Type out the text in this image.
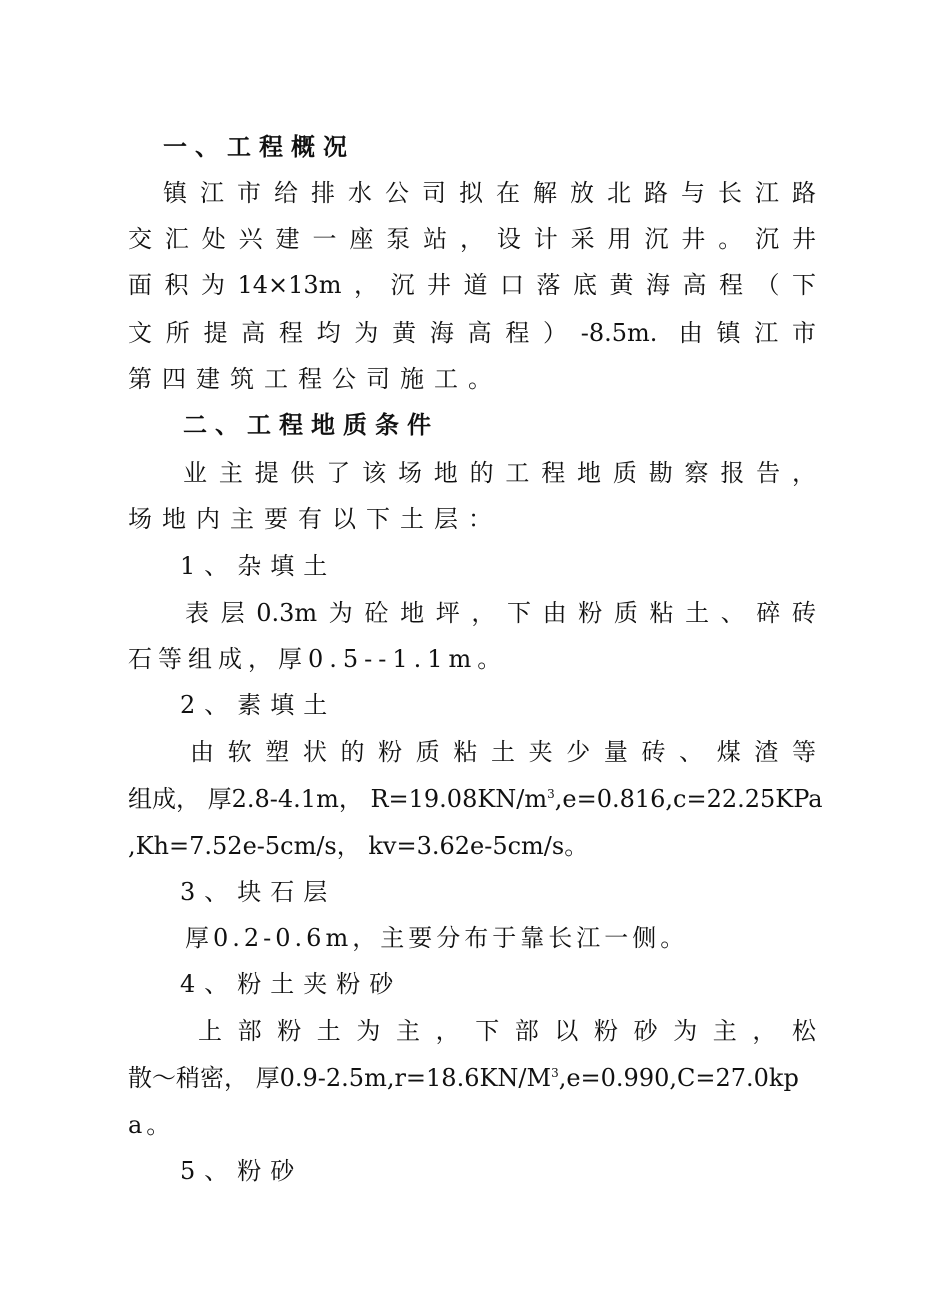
一、工程概况
镇江市给排水公司拟在解放北路与长江路
交汇处兴建一座泵站，设计采用沉井。沉井
面积为14×13m，沉井道口落底黄海高程（下
文所提高程均为黄海高程）-8.5m. 由镇江市
第四建筑工程公司施工。
二、工程地质条件
业主提供了该场地的工程地质勘察报告，
场地内主要有以下土层：
1、杂填土
表层0.3m为砼地坪，下由粉质粘土、碎砖
石等组成，厚0.5--1.1m。
2、素填土
由软塑状的粉质粘土夹少量砖、煤渣等
组成， 厚2.8-4.1m， $R=19.08KN/m^3,e=0.816,c=22.25KPa$
,Kh=7.52e-5cm/s， kv=3.62e-5cm/s。
3、块石层
厚0.2-0.6m，主要分布于靠长江一侧。
4、粉土夹粉砂
上部粉土为主，下部以粉砂为主，松
散～稍密， 厚$0.9-2.5m,r=18.6KN/M^3,e=0.990,C=27.0kp$
a。
5、粉砂
